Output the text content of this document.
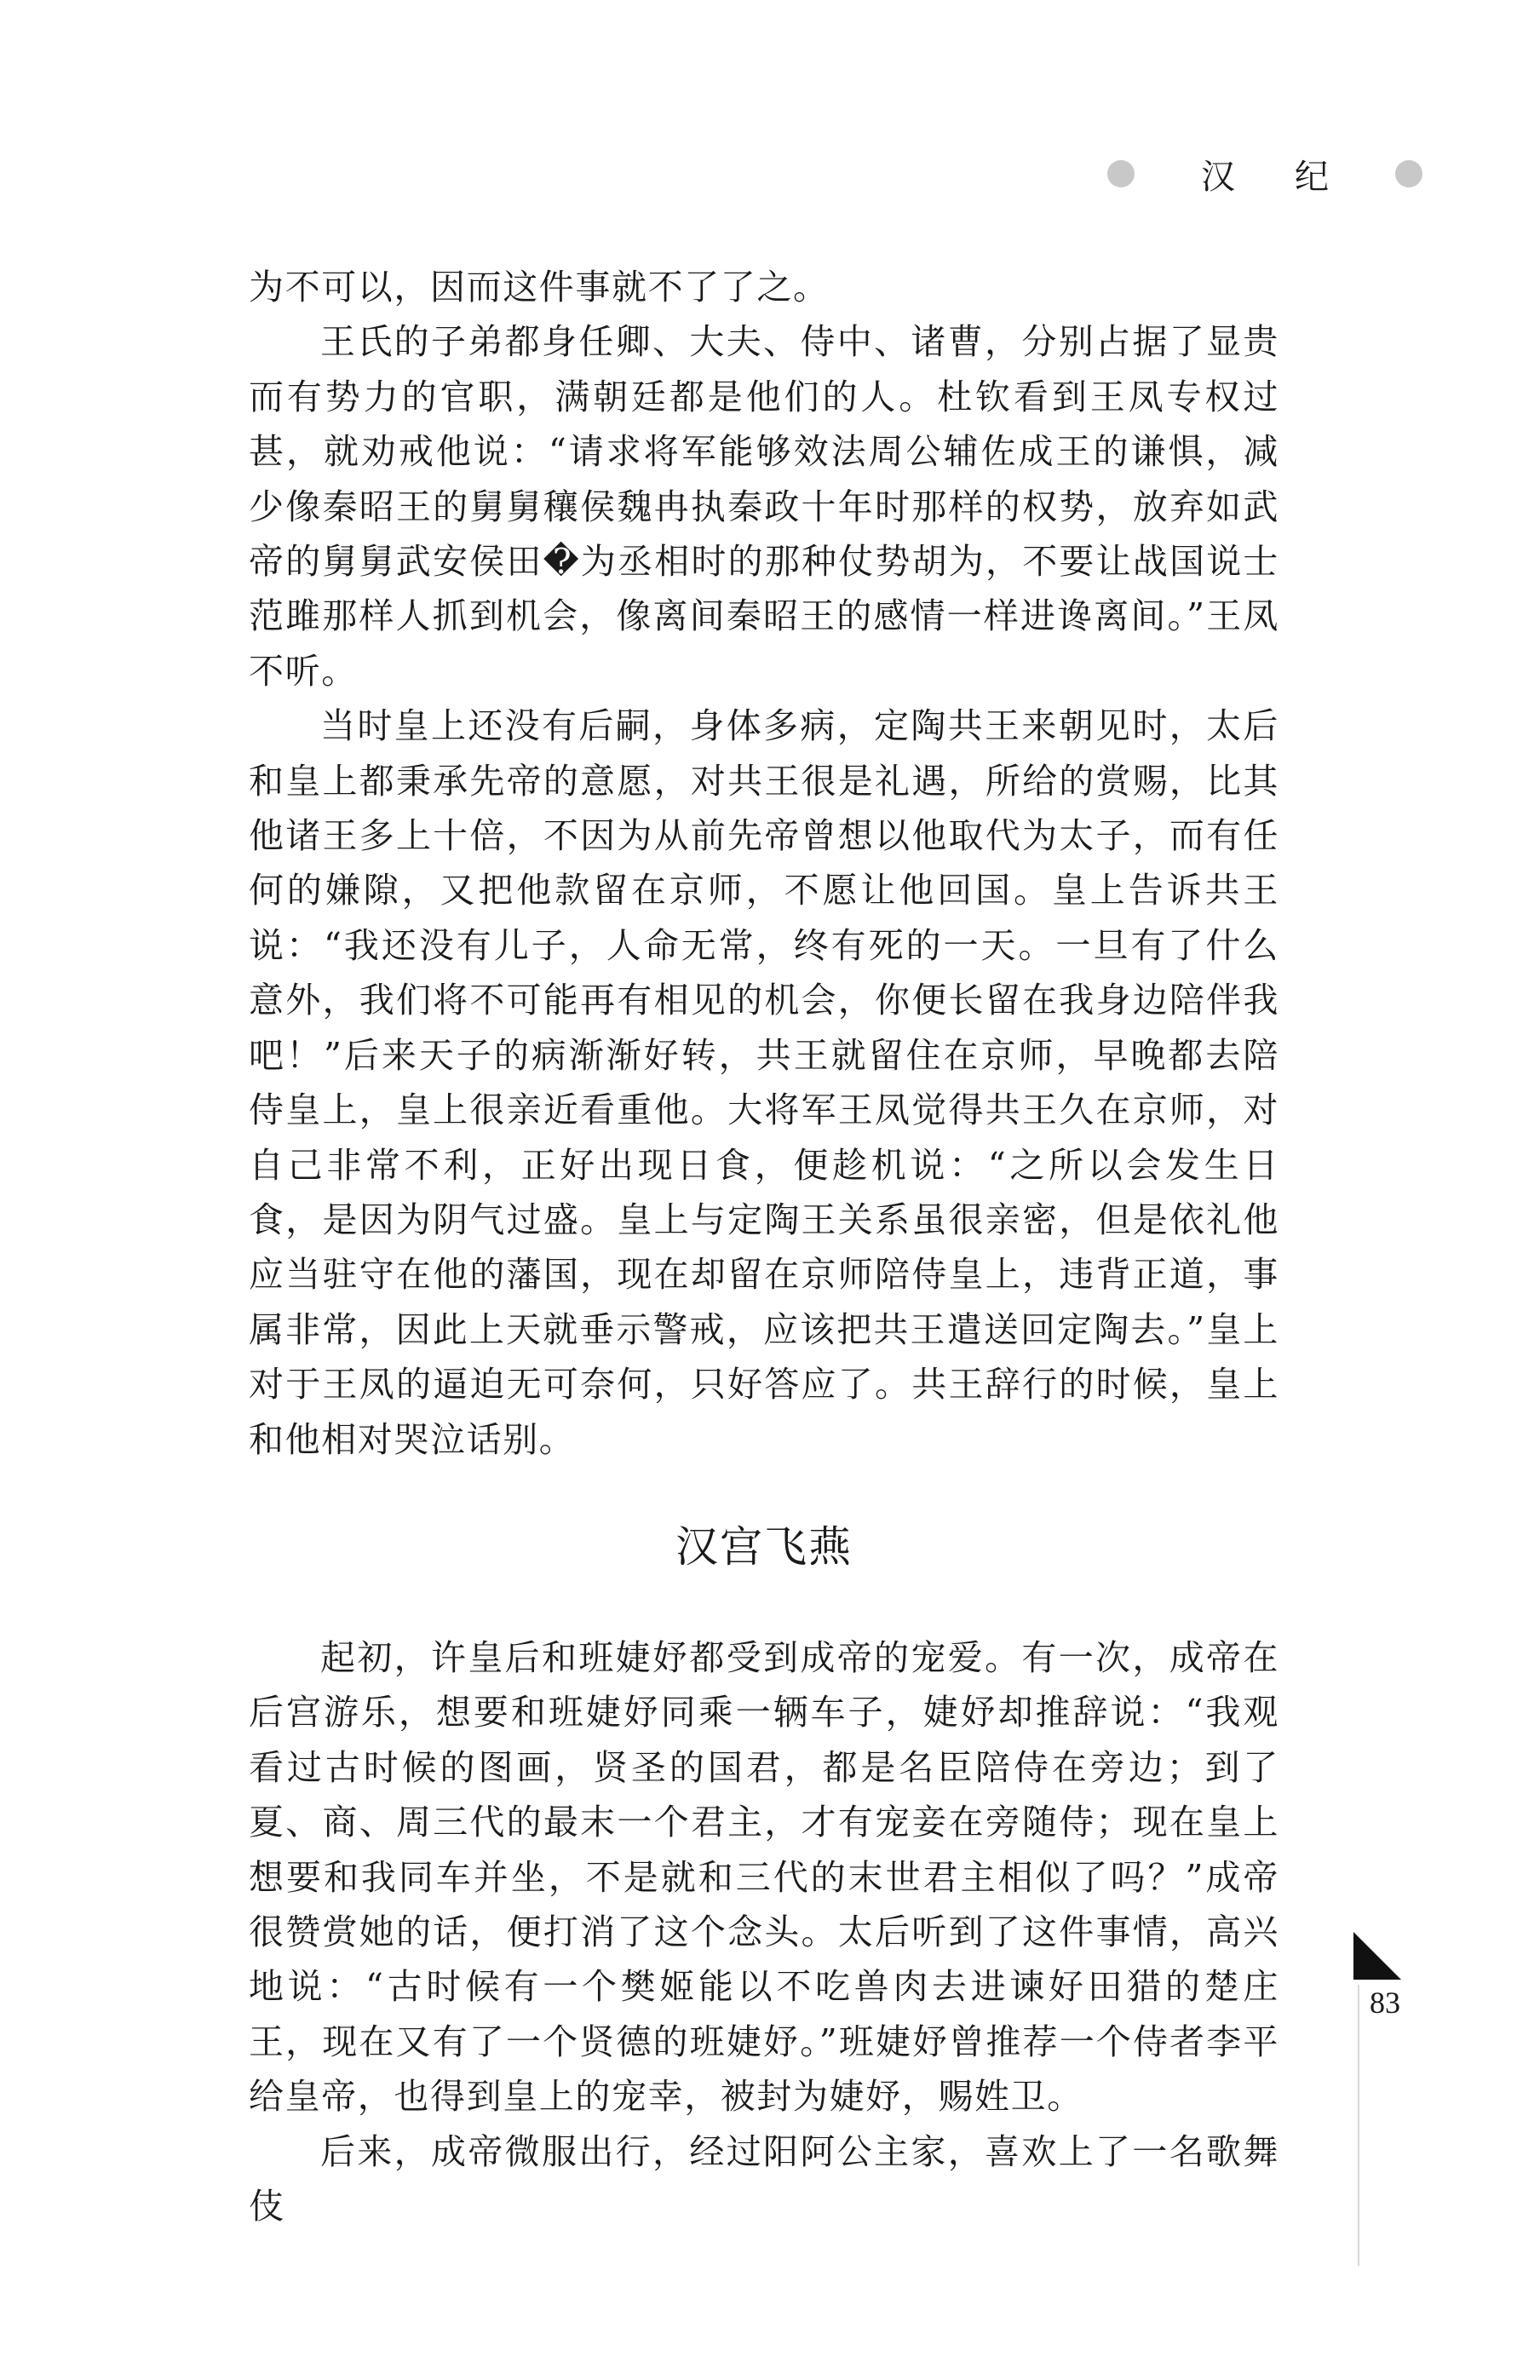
汉 纪

为不可以，因而这件事就不了了之。

王氏的子弟都身任卿、大夫、侍中、诸曹，分别占据了显贵而有势力的官职，满朝廷都是他们的人。杜钦看到王凤专权过甚，就劝戒他说：“请求将军能够效法周公辅佐成王的谦惧，减少像秦昭王的舅舅穰侯魏冉执秦政十年时那样的权势，放弃如武帝的舅舅武安侯田�为丞相时的那种仗势胡为，不要让战国说士范雎那样人抓到机会，像离间秦昭王的感情一样进谗离间。”王凤不听。

当时皇上还没有后嗣，身体多病，定陶共王来朝见时，太后和皇上都秉承先帝的意愿，对共王很是礼遇，所给的赏赐，比其他诸王多上十倍，不因为从前先帝曾想以他取代为太子，而有任何的嫌隙，又把他款留在京师，不愿让他回国。皇上告诉共王说：“我还没有儿子，人命无常，终有死的一天。一旦有了什么意外，我们将不可能再有相见的机会，你便长留在我身边陪伴我吧！”后来天子的病渐渐好转，共王就留住在京师，早晚都去陪侍皇上，皇上很亲近看重他。大将军王凤觉得共王久在京师，对自己非常不利，正好出现日食，便趁机说：“之所以会发生日食，是因为阴气过盛。皇上与定陶王关系虽很亲密，但是依礼他应当驻守在他的藩国，现在却留在京师陪侍皇上，违背正道，事属非常，因此上天就垂示警戒，应该把共王遣送回定陶去。”皇上对于王凤的逼迫无可奈何，只好答应了。共王辞行的时候，皇上和他相对哭泣话别。

汉宫飞燕

起初，许皇后和班婕妤都受到成帝的宠爱。有一次，成帝在后宫游乐，想要和班婕妤同乘一辆车子，婕妤却推辞说：“我观看过古时候的图画，贤圣的国君，都是名臣陪侍在旁边；到了夏、商、周三代的最末一个君主，才有宠妾在旁随侍；现在皇上想要和我同车并坐，不是就和三代的末世君主相似了吗？”成帝很赞赏她的话，便打消了这个念头。太后听到了这件事情，高兴地说：“古时候有一个樊姬能以不吃兽肉去进谏好田猎的楚庄王，现在又有了一个贤德的班婕妤。”班婕妤曾推荐一个侍者李平给皇帝，也得到皇上的宠幸，被封为婕妤，赐姓卫。

后来，成帝微服出行，经过阳阿公主家，喜欢上了一名歌舞伎

83
